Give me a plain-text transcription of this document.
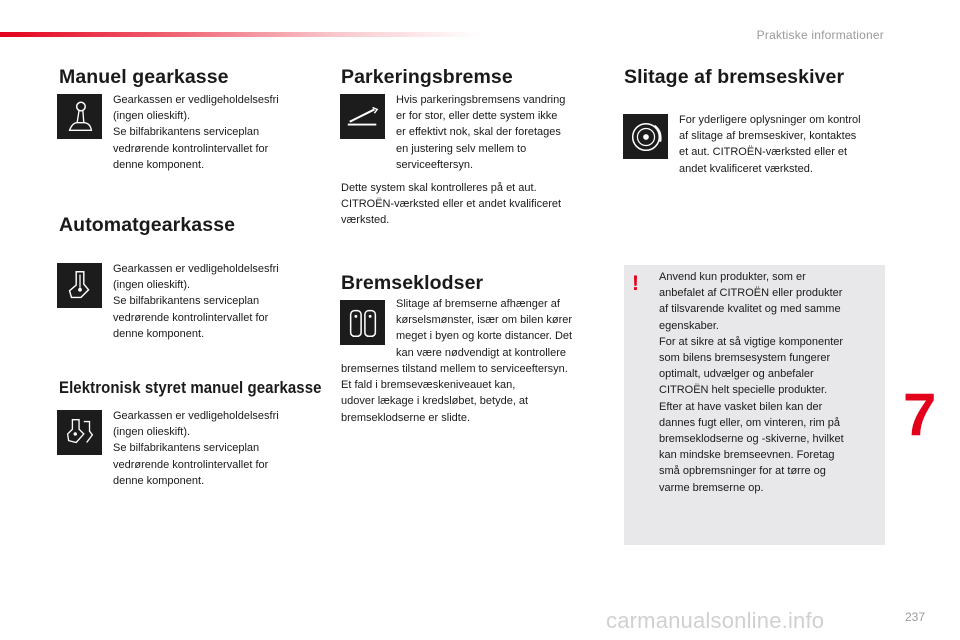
Praktiske informationer
Manuel gearkasse

Gearkassen er vedligeholdelsesfri
(ingen olieskift).
Se bilfabrikantens serviceplan
vedrørende kontrolintervallet for
denne komponent.

Automatgearkasse

Gearkassen er vedligeholdelsesfri
(ingen olieskift).
Se bilfabrikantens serviceplan
vedrørende kontrolintervallet for
denne komponent.

Elektronisk styret manuel gearkasse

Gearkassen er vedligeholdelsesfri
(ingen olieskift).
Se bilfabrikantens serviceplan
vedrørende kontrolintervallet for
denne komponent.

Parkeringsbremse

Hvis parkeringsbremsens vandring
er for stor, eller dette system ikke
er effektivt nok, skal der foretages
en justering selv mellem to
serviceeftersyn.

Dette system skal kontrolleres på et aut.
CITROËN-værksted eller et andet kvalificeret
værksted.

Bremseklodser

Slitage af bremserne afhænger af
kørselsmønster, især om bilen kører
meget i byen og korte distancer. Det
kan være nødvendigt at kontrollere

bremsernes tilstand mellem to serviceeftersyn.
Et fald i bremsevæskeniveauet kan,
udover lækage i kredsløbet, betyde, at
bremseklodserne er slidte.

Slitage af bremseskiver

For yderligere oplysninger om kontrol
af slitage af bremseskiver, kontaktes
et aut. CITROËN-værksted eller et
andet kvalificeret værksted.

! Anvend kun produkter, som er
anbefalet af CITROËN eller produkter
af tilsvarende kvalitet og med samme
egenskaber.
For at sikre at så vigtige komponenter
som bilens bremsesystem fungerer
optimalt, udvælger og anbefaler
CITROËN helt specielle produkter.
Efter at have vasket bilen kan der
dannes fugt eller, om vinteren, rim på
bremseklodserne og -skiverne, hvilket
kan mindske bremseevnen. Foretag
små opbremsninger for at tørre og
varme bremserne op.

7
carmanualsonline.info	237
